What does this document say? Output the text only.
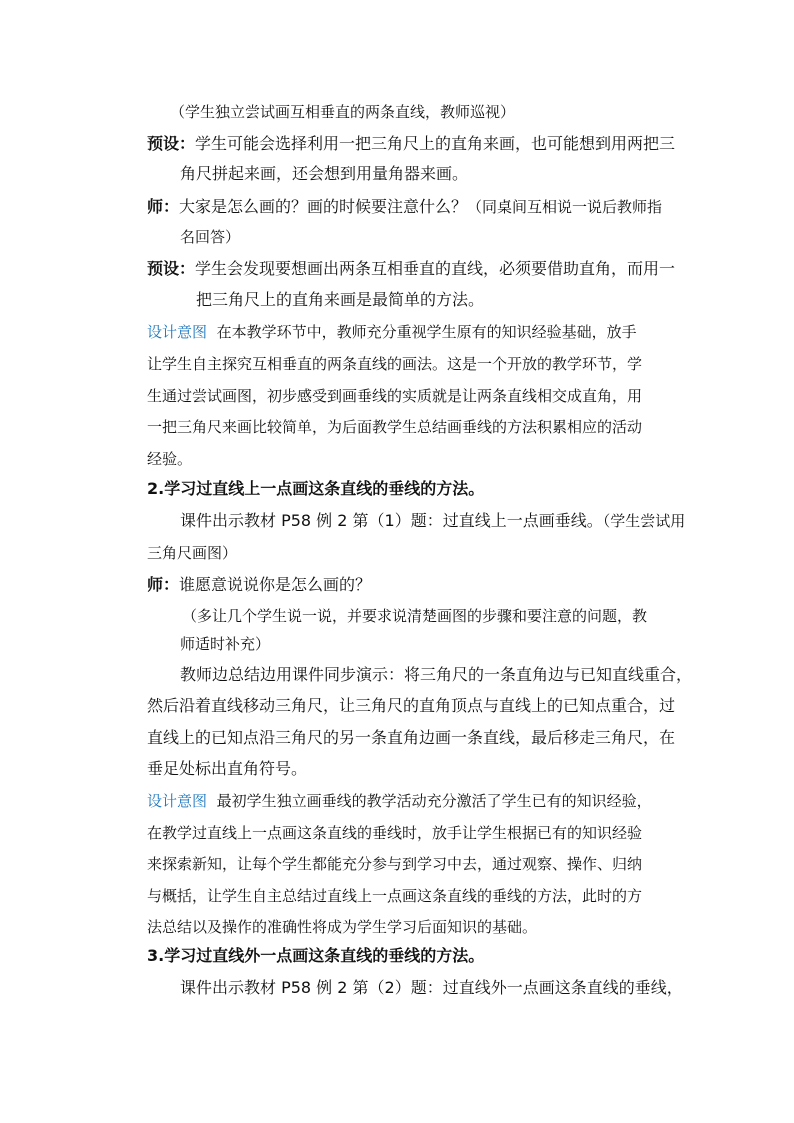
（学生独立尝试画互相垂直的两条直线，教师巡视）
预设：学生可能会选择利用一把三角尺上的直角来画，也可能想到用两把三
角尺拼起来画，还会想到用量角器来画。
师：大家是怎么画的？画的时候要注意什么？（同桌间互相说一说后教师指
名回答）
预设：学生会发现要想画出两条互相垂直的直线，必须要借助直角，而用一
把三角尺上的直角来画是最简单的方法。
设计意图 在本教学环节中，教师充分重视学生原有的知识经验基础，放手
让学生自主探究互相垂直的两条直线的画法。这是一个开放的教学环节，学
生通过尝试画图，初步感受到画垂线的实质就是让两条直线相交成直角，用
一把三角尺来画比较简单，为后面教学生总结画垂线的方法积累相应的活动
经验。
2.学习过直线上一点画这条直线的垂线的方法。
课件出示教材 P58 例 2 第（1）题：过直线上一点画垂线。（学生尝试用
三角尺画图）
师：谁愿意说说你是怎么画的？
（多让几个学生说一说，并要求说清楚画图的步骤和要注意的问题，教
师适时补充）
教师边总结边用课件同步演示：将三角尺的一条直角边与已知直线重合，
然后沿着直线移动三角尺，让三角尺的直角顶点与直线上的已知点重合，过
直线上的已知点沿三角尺的另一条直角边画一条直线，最后移走三角尺，在
垂足处标出直角符号。
设计意图 最初学生独立画垂线的教学活动充分激活了学生已有的知识经验，
在教学过直线上一点画这条直线的垂线时，放手让学生根据已有的知识经验
来探索新知，让每个学生都能充分参与到学习中去，通过观察、操作、归纳
与概括，让学生自主总结过直线上一点画这条直线的垂线的方法，此时的方
法总结以及操作的准确性将成为学生学习后面知识的基础。
3.学习过直线外一点画这条直线的垂线的方法。
课件出示教材 P58 例 2 第（2）题：过直线外一点画这条直线的垂线，
